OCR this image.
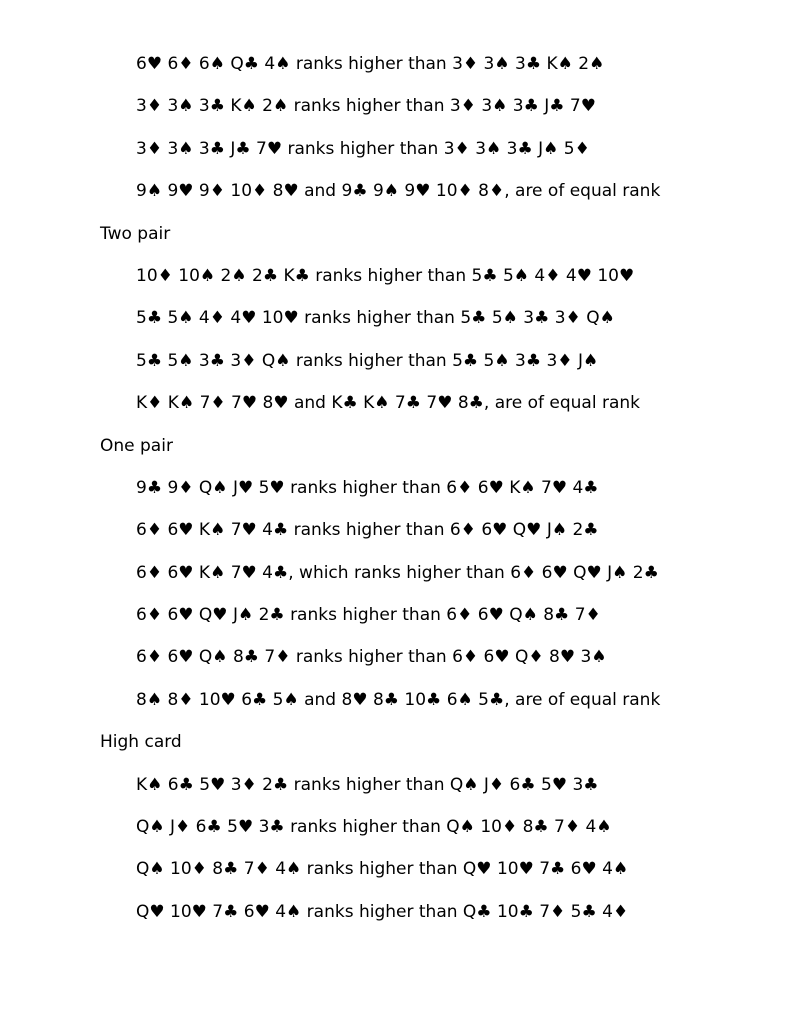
6♥ 6♦ 6♠ Q♣ 4♠ ranks higher than 3♦ 3♠ 3♣ K♠ 2♠
3♦ 3♠ 3♣ K♠ 2♠ ranks higher than 3♦ 3♠ 3♣ J♣ 7♥
3♦ 3♠ 3♣ J♣ 7♥ ranks higher than 3♦ 3♠ 3♣ J♠ 5♦
9♠ 9♥ 9♦ 10♦ 8♥ and 9♣ 9♠ 9♥ 10♦ 8♦, are of equal rank
Two pair
10♦ 10♠ 2♠ 2♣ K♣ ranks higher than 5♣ 5♠ 4♦ 4♥ 10♥
5♣ 5♠ 4♦ 4♥ 10♥ ranks higher than 5♣ 5♠ 3♣ 3♦ Q♠
5♣ 5♠ 3♣ 3♦ Q♠ ranks higher than 5♣ 5♠ 3♣ 3♦ J♠
K♦ K♠ 7♦ 7♥ 8♥ and K♣ K♠ 7♣ 7♥ 8♣, are of equal rank
One pair
9♣ 9♦ Q♠ J♥ 5♥ ranks higher than 6♦ 6♥ K♠ 7♥ 4♣
6♦ 6♥ K♠ 7♥ 4♣ ranks higher than 6♦ 6♥ Q♥ J♠ 2♣
6♦ 6♥ K♠ 7♥ 4♣, which ranks higher than 6♦ 6♥ Q♥ J♠ 2♣
6♦ 6♥ Q♥ J♠ 2♣ ranks higher than 6♦ 6♥ Q♠ 8♣ 7♦
6♦ 6♥ Q♠ 8♣ 7♦ ranks higher than 6♦ 6♥ Q♦ 8♥ 3♠
8♠ 8♦ 10♥ 6♣ 5♠ and 8♥ 8♣ 10♣ 6♠ 5♣, are of equal rank
High card
K♠ 6♣ 5♥ 3♦ 2♣ ranks higher than Q♠ J♦ 6♣ 5♥ 3♣
Q♠ J♦ 6♣ 5♥ 3♣ ranks higher than Q♠ 10♦ 8♣ 7♦ 4♠
Q♠ 10♦ 8♣ 7♦ 4♠ ranks higher than Q♥ 10♥ 7♣ 6♥ 4♠
Q♥ 10♥ 7♣ 6♥ 4♠ ranks higher than Q♣ 10♣ 7♦ 5♣ 4♦
